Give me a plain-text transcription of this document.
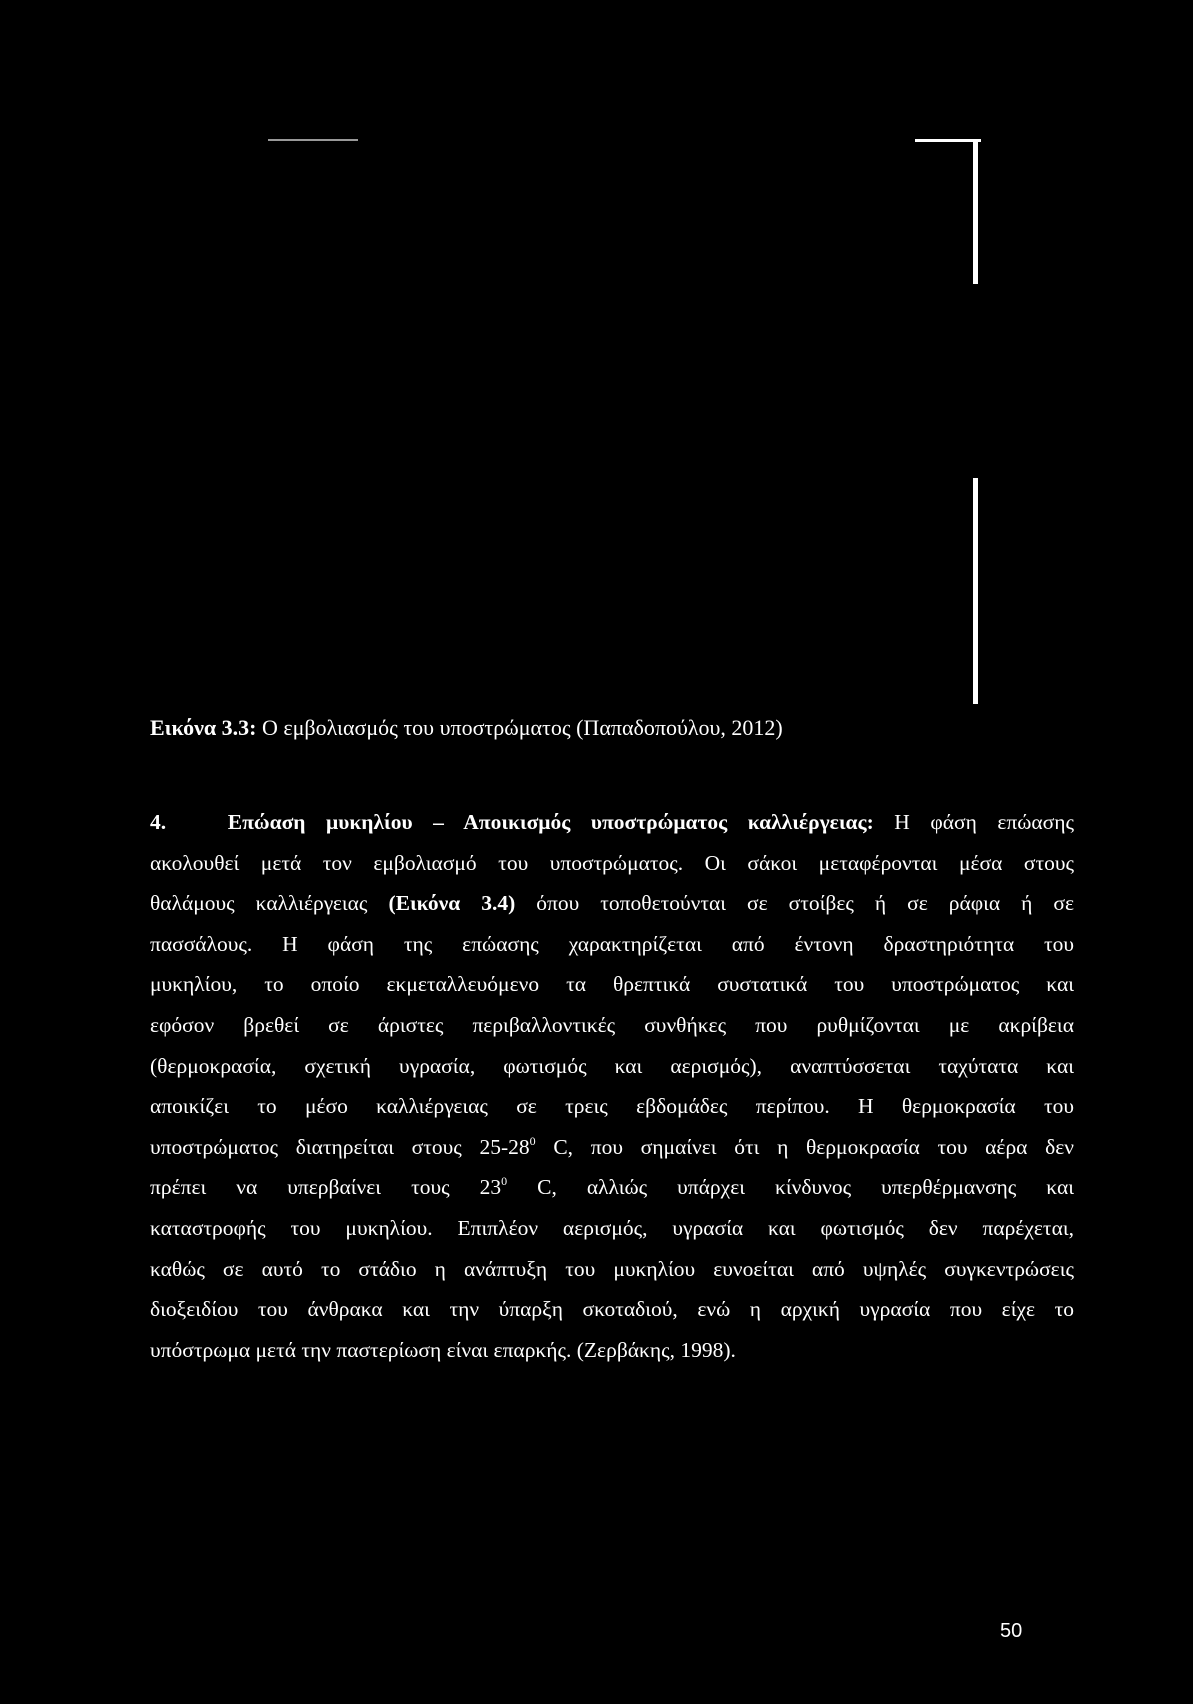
Εικόνα 3.3: Ο εμβολιασμός του υποστρώματος (Παπαδοπούλου, 2012)
4.	Επώαση μυκηλίου – Αποικισμός υποστρώματος καλλιέργειας: Η φάση επώασης
ακολουθεί μετά τον εμβολιασμό του υποστρώματος. Οι σάκοι μεταφέρονται μέσα στους
θαλάμους καλλιέργειας (Εικόνα 3.4) όπου τοποθετούνται σε στοίβες ή σε ράφια ή σε
πασσάλους. Η φάση της επώασης χαρακτηρίζεται από έντονη δραστηριότητα του
μυκηλίου, το οποίο εκμεταλλευόμενο τα θρεπτικά συστατικά του υποστρώματος και
εφόσον βρεθεί σε άριστες περιβαλλοντικές συνθήκες που ρυθμίζονται με ακρίβεια
(θερμοκρασία, σχετική υγρασία, φωτισμός και αερισμός), αναπτύσσεται ταχύτατα και
αποικίζει το μέσο καλλιέργειας σε τρεις εβδομάδες περίπου. Η θερμοκρασία του
υποστρώματος διατηρείται στους $25-28^0$ C, που σημαίνει ότι η θερμοκρασία του αέρα δεν
πρέπει να υπερβαίνει τους $23^0$ C, αλλιώς υπάρχει κίνδυνος υπερθέρμανσης και
καταστροφής του μυκηλίου. Επιπλέον αερισμός, υγρασία και φωτισμός δεν παρέχεται,
καθώς σε αυτό το στάδιο η ανάπτυξη του μυκηλίου ευνοείται από υψηλές συγκεντρώσεις
διοξειδίου του άνθρακα και την ύπαρξη σκοταδιού, ενώ η αρχική υγρασία που είχε το
υπόστρωμα μετά την παστερίωση είναι επαρκής. (Ζερβάκης, 1998).
50
